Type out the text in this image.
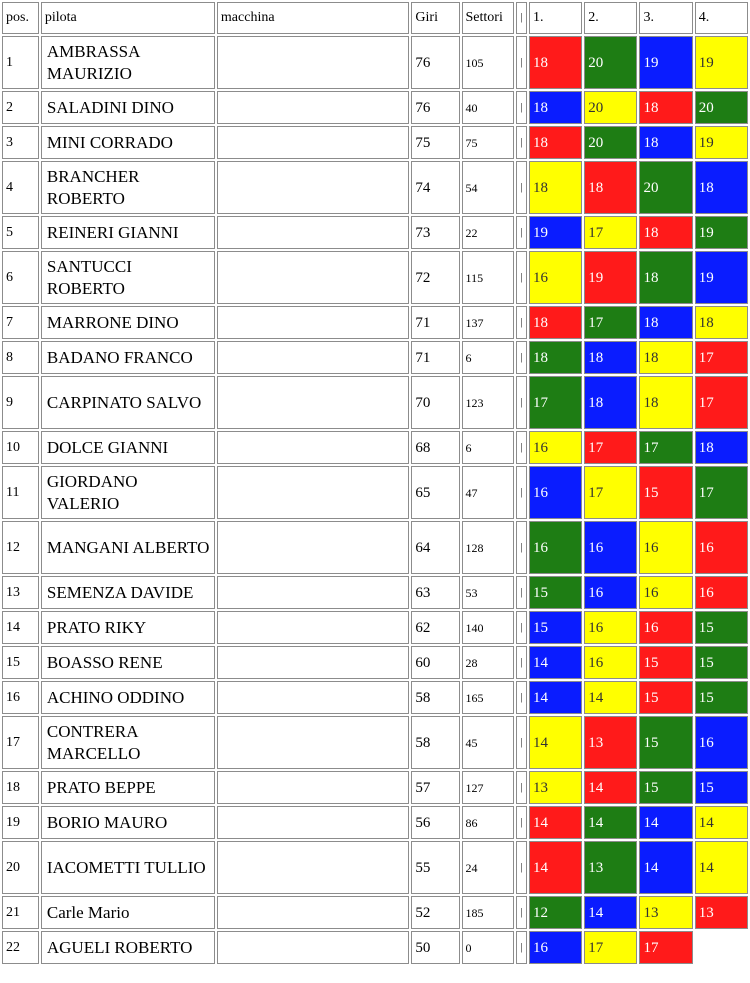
pos.	pilota	macchina	Giri	Settori	|	1.	2.	3.	4.
1	AMBRASSA MAURIZIO		76	105	|	18	20	19	19
2	SALADINI DINO		76	40	|	18	20	18	20
3	MINI CORRADO		75	75	|	18	20	18	19
4	BRANCHER ROBERTO		74	54	|	18	18	20	18
5	REINERI GIANNI		73	22	|	19	17	18	19
6	SANTUCCI ROBERTO		72	115	|	16	19	18	19
7	MARRONE DINO		71	137	|	18	17	18	18
8	BADANO FRANCO		71	6	|	18	18	18	17
9	CARPINATO SALVO		70	123	|	17	18	18	17
10	DOLCE GIANNI		68	6	|	16	17	17	18
11	GIORDANO VALERIO		65	47	|	16	17	15	17
12	MANGANI ALBERTO		64	128	|	16	16	16	16
13	SEMENZA DAVIDE		63	53	|	15	16	16	16
14	PRATO RIKY		62	140	|	15	16	16	15
15	BOASSO RENE		60	28	|	14	16	15	15
16	ACHINO ODDINO		58	165	|	14	14	15	15
17	CONTRERA MARCELLO		58	45	|	14	13	15	16
18	PRATO BEPPE		57	127	|	13	14	15	15
19	BORIO MAURO		56	86	|	14	14	14	14
20	IACOMETTI TULLIO		55	24	|	14	13	14	14
21	Carle Mario		52	185	|	12	14	13	13
22	AGUELI ROBERTO		50	0	|	16	17	17	
